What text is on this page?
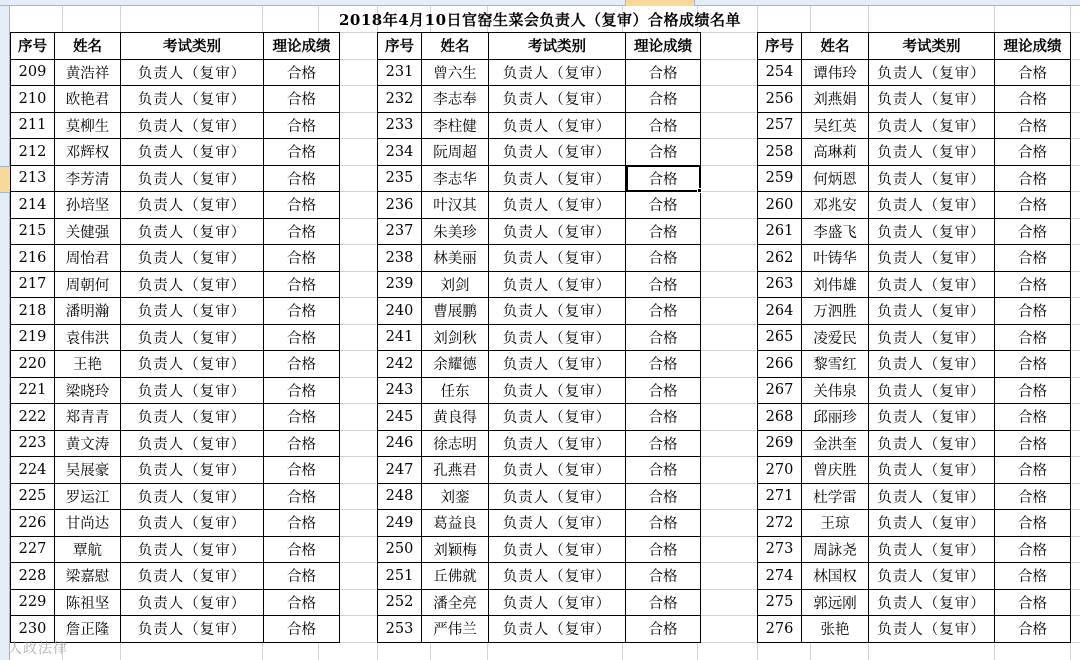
2018年4月10日官窑生菜会负责人（复审）合格成绩名单
序号	姓名	考试类别	理论成绩
209	黄浩祥	负责人（复审）	合格
210	欧艳君	负责人（复审）	合格
211	莫柳生	负责人（复审）	合格
212	邓辉权	负责人（复审）	合格
213	李芳清	负责人（复审）	合格
214	孙培坚	负责人（复审）	合格
215	关健强	负责人（复审）	合格
216	周怡君	负责人（复审）	合格
217	周朝何	负责人（复审）	合格
218	潘明瀚	负责人（复审）	合格
219	袁伟洪	负责人（复审）	合格
220	王艳	负责人（复审）	合格
221	梁晓玲	负责人（复审）	合格
222	郑青青	负责人（复审）	合格
223	黄文涛	负责人（复审）	合格
224	吴展豪	负责人（复审）	合格
225	罗运江	负责人（复审）	合格
226	甘尚达	负责人（复审）	合格
227	覃航	负责人（复审）	合格
228	梁嘉慰	负责人（复审）	合格
229	陈祖坚	负责人（复审）	合格
230	詹正隆	负责人（复审）	合格
序号	姓名	考试类别	理论成绩
231	曾六生	负责人（复审）	合格
232	李志奉	负责人（复审）	合格
233	李柱健	负责人（复审）	合格
234	阮周超	负责人（复审）	合格
235	李志华	负责人（复审）	合格
236	叶汉其	负责人（复审）	合格
237	朱美珍	负责人（复审）	合格
238	林美丽	负责人（复审）	合格
239	刘剑	负责人（复审）	合格
240	曹展鹏	负责人（复审）	合格
241	刘剑秋	负责人（复审）	合格
242	余耀德	负责人（复审）	合格
243	任东	负责人（复审）	合格
245	黄良得	负责人（复审）	合格
246	徐志明	负责人（复审）	合格
247	孔燕君	负责人（复审）	合格
248	刘銮	负责人（复审）	合格
249	葛益良	负责人（复审）	合格
250	刘颖梅	负责人（复审）	合格
251	丘佛就	负责人（复审）	合格
252	潘全亮	负责人（复审）	合格
253	严伟兰	负责人（复审）	合格
序号	姓名	考试类别	理论成绩
254	谭伟玲	负责人（复审）	合格
256	刘燕娟	负责人（复审）	合格
257	吴红英	负责人（复审）	合格
258	高琳莉	负责人（复审）	合格
259	何炳恩	负责人（复审）	合格
260	邓兆安	负责人（复审）	合格
261	李盛飞	负责人（复审）	合格
262	叶铸华	负责人（复审）	合格
263	刘伟雄	负责人（复审）	合格
264	万泗胜	负责人（复审）	合格
265	凌爱民	负责人（复审）	合格
266	黎雪红	负责人（复审）	合格
267	关伟泉	负责人（复审）	合格
268	邱丽珍	负责人（复审）	合格
269	金洪奎	负责人（复审）	合格
270	曾庆胜	负责人（复审）	合格
271	杜学雷	负责人（复审）	合格
272	王琼	负责人（复审）	合格
273	周詠尧	负责人（复审）	合格
274	林国权	负责人（复审）	合格
275	郭远刚	负责人（复审）	合格
276	张艳	负责人（复审）	合格
人政法律
